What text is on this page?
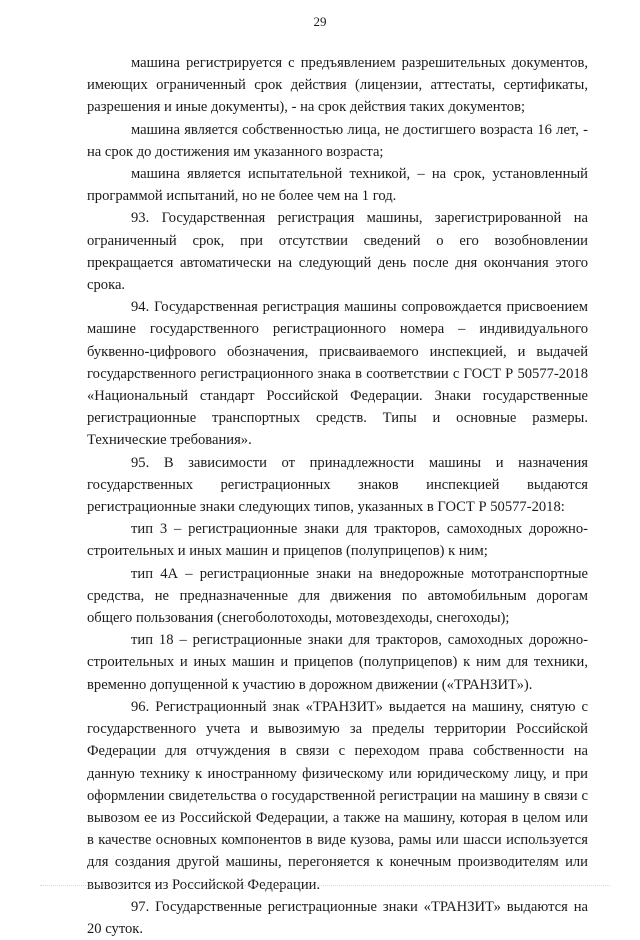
29

машина регистрируется с предъявлением разрешительных документов, имеющих ограниченный срок действия (лицензии, аттестаты, сертификаты, разрешения и иные документы), - на срок действия таких документов;

машина является собственностью лица, не достигшего возраста 16 лет, - на срок до достижения им указанного возраста;

машина является испытательной техникой, – на срок, установленный программой испытаний, но не более чем на 1 год.

93. Государственная регистрация машины, зарегистрированной на ограниченный срок, при отсутствии сведений о его возобновлении прекращается автоматически на следующий день после дня окончания этого срока.

94. Государственная регистрация машины сопровождается присвоением машине государственного регистрационного номера – индивидуального буквенно-цифрового обозначения, присваиваемого инспекцией, и выдачей государственного регистрационного знака в соответствии с ГОСТ Р 50577-2018 «Национальный стандарт Российской Федерации. Знаки государственные регистрационные транспортных средств. Типы и основные размеры. Технические требования».

95. В зависимости от принадлежности машины и назначения государственных регистрационных знаков инспекцией выдаются регистрационные знаки следующих типов, указанных в ГОСТ Р 50577-2018:

тип 3 – регистрационные знаки для тракторов, самоходных дорожно-строительных и иных машин и прицепов (полуприцепов) к ним;

тип 4А – регистрационные знаки на внедорожные мототранспортные средства, не предназначенные для движения по автомобильным дорогам общего пользования (снегоболотоходы, мотовездеходы, снегоходы);

тип 18 – регистрационные знаки для тракторов, самоходных дорожно-строительных и иных машин и прицепов (полуприцепов) к ним для техники, временно допущенной к участию в дорожном движении («ТРАНЗИТ»).

96. Регистрационный знак «ТРАНЗИТ» выдается на машину, снятую с государственного учета и вывозимую за пределы территории Российской Федерации для отчуждения в связи с переходом права собственности на данную технику к иностранному физическому или юридическому лицу, и при оформлении свидетельства о государственной регистрации на машину в связи с вывозом ее из Российской Федерации, а также на машину, которая в целом или в качестве основных компонентов в виде кузова, рамы или шасси используется для создания другой машины, перегоняется к конечным производителям или вывозится из Российской Федерации.

97. Государственные регистрационные знаки «ТРАНЗИТ» выдаются на 20 суток.
